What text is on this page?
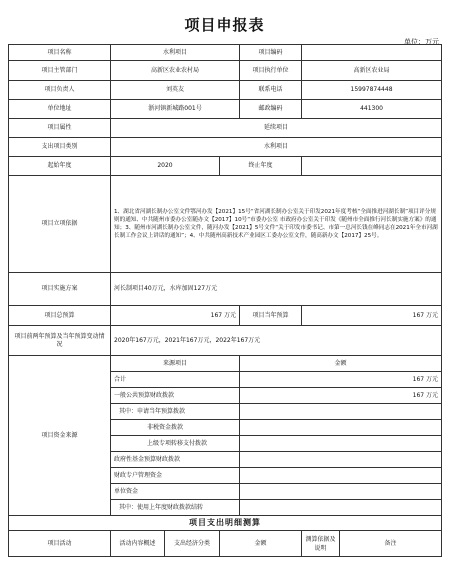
项目申报表
单位：万元
项目名称	水利项目			项目编码		
项目主管部门	高新区农业农村局			项目执行单位	高新区农业局	
项目负责人	刘英友			联系电话	15997874448	
单位地址	浙河镇新城路001号			邮政编码	441300	
项目属性	延续项目					
支出项目类别	水利项目					
起始年度	2020		终止年度			
项目立项依据	1、湖北省河湖长制办公室文件鄂河办发【2021】15号“省河湖长制办公室关于印发2021年度考核“全面推进河湖长制”项目评分规则的通知、中共随州市委办公室随办文【2017】10号“市委办公室 市政府办公室关于印发《随州市全面推行河长制实施方案》的通知；3、随州市河湖长制办公室文件，随河办发【2021】5号文件“关于印发市委书记、市第一总河长钱在峰同志在2021年全市河湖长制工作会议上讲话的通知”；4、中共随州高新技术产业园区工委办公室文件，随高新办文【2017】25号。					
项目实施方案	河长制项目40万元，水库加固127万元					
项目总预算	167 万元			项目当年预算	167 万元	
项目前两年预算及当年预算变动情况	2020年167万元，2021年167万元，2022年167万元					
项目资金来源	来源项目			金额		
	合计			167 万元		
	一般公共预算财政拨款			167 万元		
	其中：申请当年预算拨款					
	非税资金拨款					
	上级专项转移支付拨款					
	政府性基金预算财政拨款					
	财政专户管理资金					
	单位资金					
	其中：使用上年度财政拨款结转					
项目支出明细测算						
项目活动	活动内容概述	支出经济分类	金额		测算依据及说明	备注
